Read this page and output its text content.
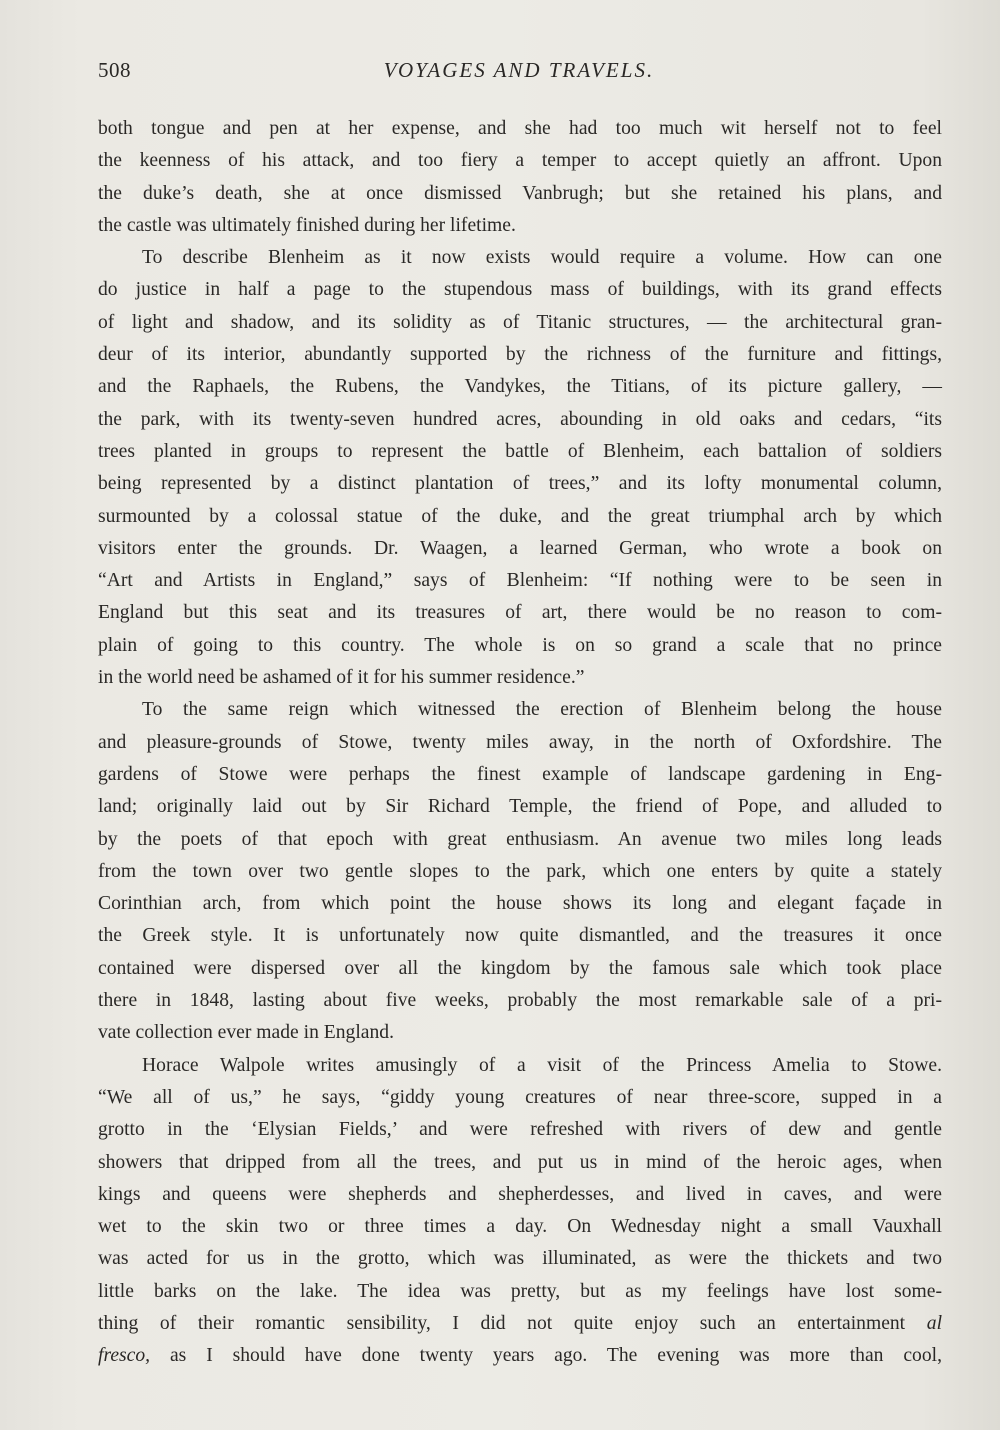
508	VOYAGES AND TRAVELS.
both tongue and pen at her expense, and she had too much wit herself not to feel
the keenness of his attack, and too fiery a temper to accept quietly an affront. Upon
the duke’s death, she at once dismissed Vanbrugh; but she retained his plans, and
the castle was ultimately finished during her lifetime.
To describe Blenheim as it now exists would require a volume. How can one
do justice in half a page to the stupendous mass of buildings, with its grand effects
of light and shadow, and its solidity as of Titanic structures, — the architectural gran-
deur of its interior, abundantly supported by the richness of the furniture and fittings,
and the Raphaels, the Rubens, the Vandykes, the Titians, of its picture gallery, —
the park, with its twenty-seven hundred acres, abounding in old oaks and cedars, “its
trees planted in groups to represent the battle of Blenheim, each battalion of soldiers
being represented by a distinct plantation of trees,” and its lofty monumental column,
surmounted by a colossal statue of the duke, and the great triumphal arch by which
visitors enter the grounds. Dr. Waagen, a learned German, who wrote a book on
“Art and Artists in England,” says of Blenheim: “If nothing were to be seen in
England but this seat and its treasures of art, there would be no reason to com-
plain of going to this country. The whole is on so grand a scale that no prince
in the world need be ashamed of it for his summer residence.”
To the same reign which witnessed the erection of Blenheim belong the house
and pleasure-grounds of Stowe, twenty miles away, in the north of Oxfordshire. The
gardens of Stowe were perhaps the finest example of landscape gardening in Eng-
land; originally laid out by Sir Richard Temple, the friend of Pope, and alluded to
by the poets of that epoch with great enthusiasm. An avenue two miles long leads
from the town over two gentle slopes to the park, which one enters by quite a stately
Corinthian arch, from which point the house shows its long and elegant façade in
the Greek style. It is unfortunately now quite dismantled, and the treasures it once
contained were dispersed over all the kingdom by the famous sale which took place
there in 1848, lasting about five weeks, probably the most remarkable sale of a pri-
vate collection ever made in England.
Horace Walpole writes amusingly of a visit of the Princess Amelia to Stowe.
“We all of us,” he says, “giddy young creatures of near three-score, supped in a
grotto in the ‘Elysian Fields,’ and were refreshed with rivers of dew and gentle
showers that dripped from all the trees, and put us in mind of the heroic ages, when
kings and queens were shepherds and shepherdesses, and lived in caves, and were
wet to the skin two or three times a day. On Wednesday night a small Vauxhall
was acted for us in the grotto, which was illuminated, as were the thickets and two
little barks on the lake. The idea was pretty, but as my feelings have lost some-
thing of their romantic sensibility, I did not quite enjoy such an entertainment al
fresco, as I should have done twenty years ago. The evening was more than cool,
